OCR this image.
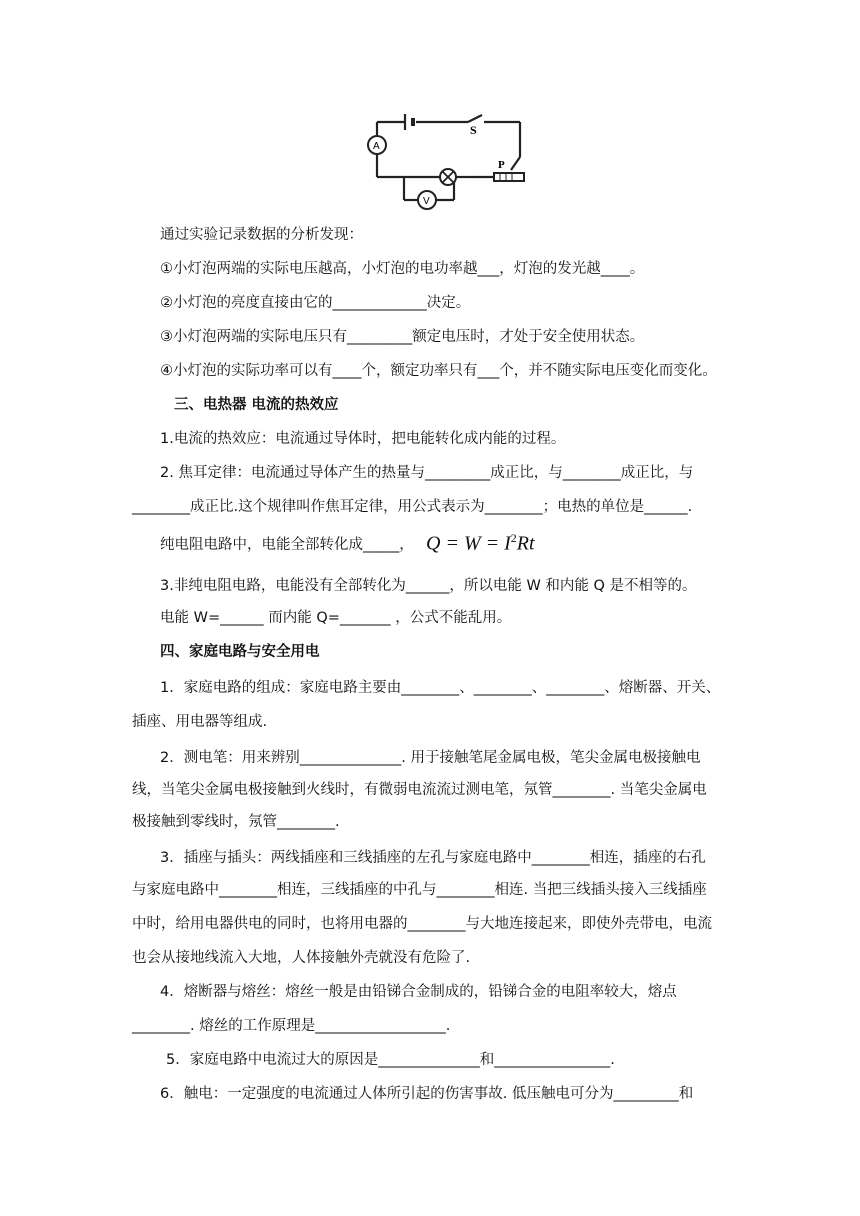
S
A
V
P
通过实验记录数据的分析发现：
①小灯泡两端的实际电压越高，小灯泡的电功率越___，灯泡的发光越____。
②小灯泡的亮度直接由它的_____________决定。
③小灯泡两端的实际电压只有_________额定电压时，才处于安全使用状态。
④小灯泡的实际功率可以有____个，额定功率只有___个，并不随实际电压变化而变化。
三、电热器 电流的热效应
1.电流的热效应：电流通过导体时，把电能转化成内能的过程。
2. 焦耳定律：电流通过导体产生的热量与_________成正比，与________成正比，与
________成正比.这个规律叫作焦耳定律，用公式表示为________；电热的单位是______.
纯电阻电路中，电能全部转化成_____， $Q = W = I^2Rt$
3.非纯电阻电路，电能没有全部转化为______，所以电能 W 和内能 Q 是不相等的。
电能 W=______ 而内能 Q=_______ ，公式不能乱用。
四、家庭电路与安全用电
1．家庭电路的组成：家庭电路主要由________、________、________、熔断器、开关、
插座、用电器等组成.
2．测电笔：用来辨别______________. 用于接触笔尾金属电极，笔尖金属电极接触电
线，当笔尖金属电极接触到火线时，有微弱电流流过测电笔，氖管________. 当笔尖金属电
极接触到零线时，氖管________.
3．插座与插头：两线插座和三线插座的左孔与家庭电路中________相连，插座的右孔
与家庭电路中________相连，三线插座的中孔与________相连. 当把三线插头接入三线插座
中时，给用电器供电的同时，也将用电器的________与大地连接起来，即使外壳带电，电流
也会从接地线流入大地，人体接触外壳就没有危险了.
4．熔断器与熔丝：熔丝一般是由铅锑合金制成的，铅锑合金的电阻率较大，熔点
________. 熔丝的工作原理是__________________.
5．家庭电路中电流过大的原因是______________和________________.
6．触电：一定强度的电流通过人体所引起的伤害事故. 低压触电可分为_________和
